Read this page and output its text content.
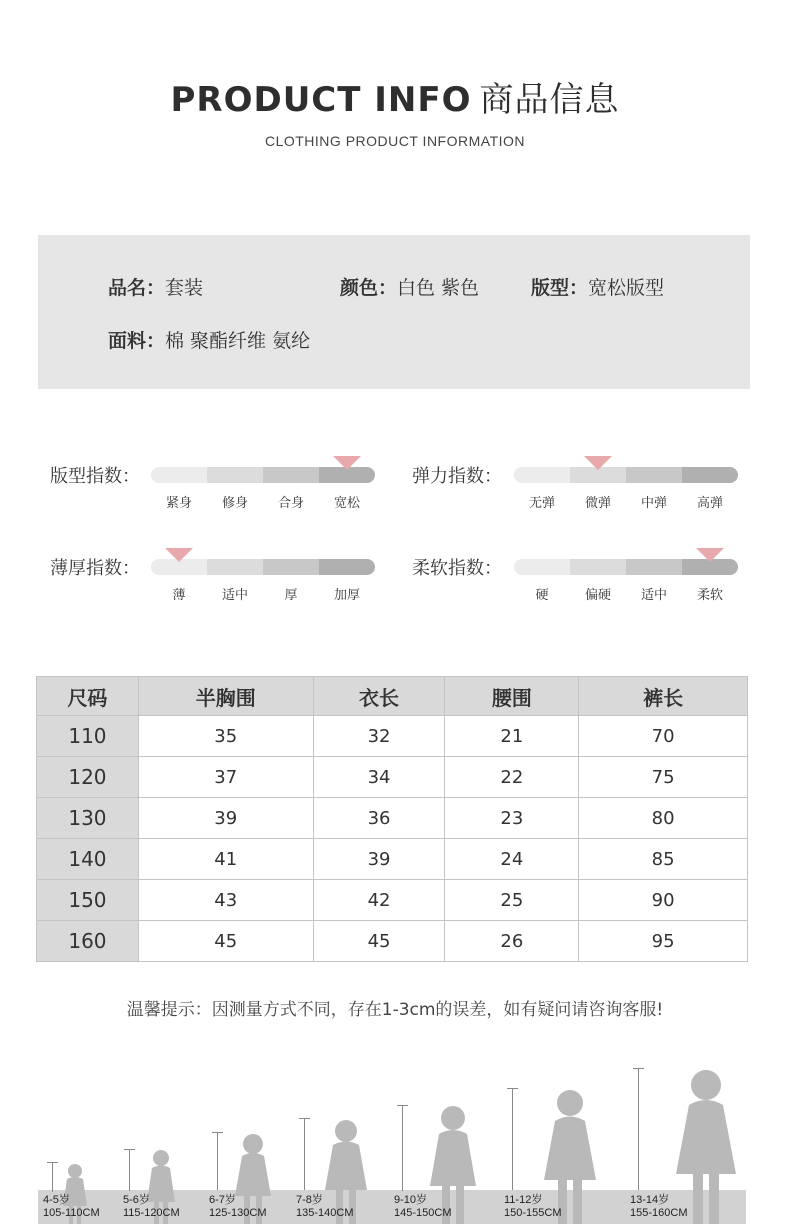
PRODUCT INFO 商品信息
CLOTHING PRODUCT INFORMATION
品名：套装	颜色：白色 紫色	版型：宽松版型
面料：棉 聚酯纤维 氨纶
版型指数：
紧身	修身	合身	宽松
弹力指数：
无弹	微弹	中弹	高弹
薄厚指数：
薄	适中	厚	加厚
柔软指数：
硬	偏硬	适中	柔软
尺码	半胸围	衣长	腰围	裤长
110	35	32	21	70
120	37	34	22	75
130	39	36	23	80
140	41	39	24	85
150	43	42	25	90
160	45	45	26	95
温馨提示：因测量方式不同，存在1-3cm的误差，如有疑问请咨询客服!
4-5岁
105-110CM
5-6岁
115-120CM
6-7岁
125-130CM
7-8岁
135-140CM
9-10岁
145-150CM
11-12岁
150-155CM
13-14岁
155-160CM
